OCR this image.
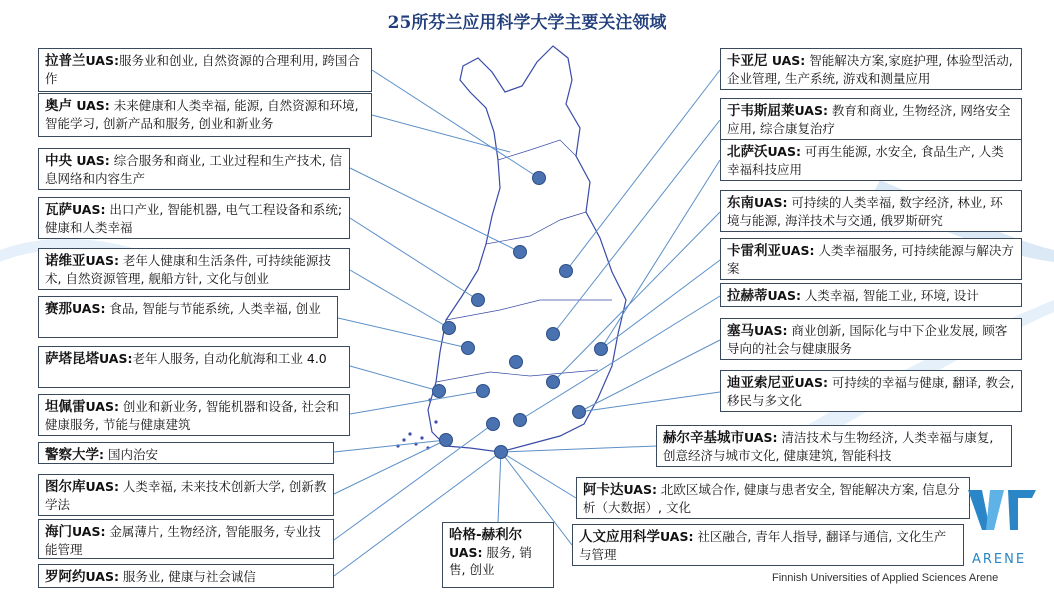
25所芬兰应用科学大学主要关注领域
拉普兰UAS:服务业和创业, 自然资源的合理利用, 跨国合作
奥卢 UAS: 未来健康和人类幸福, 能源, 自然资源和环境, 智能学习, 创新产品和服务, 创业和新业务
中央 UAS: 综合服务和商业, 工业过程和生产技术, 信息网络和内容生产
瓦萨UAS: 出口产业, 智能机器, 电气工程设备和系统; 健康和人类幸福
诺维亚UAS: 老年人健康和生活条件, 可持续能源技术, 自然资源管理, 舰船方针, 文化与创业
赛那UAS: 食品, 智能与节能系统, 人类幸福, 创业
萨塔昆塔UAS:老年人服务, 自动化航海和工业 4.0
坦佩雷UAS: 创业和新业务, 智能机器和设备, 社会和健康服务, 节能与健康建筑
警察大学: 国内治安
图尔库UAS: 人类幸福, 未来技术创新大学, 创新教学法
海门UAS: 金属薄片, 生物经济, 智能服务, 专业技能管理
罗阿约UAS: 服务业, 健康与社会诚信
哈格-赫利尔UAS: 服务, 销售, 创业
卡亚尼 UAS: 智能解决方案,家庭护理, 体验型活动, 企业管理, 生产系统, 游戏和测量应用
于韦斯屈莱UAS: 教育和商业, 生物经济, 网络安全应用, 综合康复治疗
北萨沃UAS: 可再生能源, 水安全, 食品生产, 人类幸福科技应用
东南UAS: 可持续的人类幸福, 数字经济, 林业, 环境与能源, 海洋技术与交通, 俄罗斯研究
卡雷利亚UAS: 人类幸福服务, 可持续能源与解决方案
拉赫蒂UAS: 人类幸福, 智能工业, 环境, 设计
塞马UAS: 商业创新, 国际化与中下企业发展, 顾客导向的社会与健康服务
迪亚索尼亚UAS: 可持续的幸福与健康, 翻译, 教会, 移民与多文化
赫尔辛基城市UAS: 清洁技术与生物经济, 人类幸福与康复, 创意经济与城市文化, 健康建筑, 智能科技
阿卡达UAS: 北欧区域合作, 健康与患者安全, 智能解决方案, 信息分析（大数据）, 文化
人文应用科学UAS: 社区融合, 青年人指导, 翻译与通信, 文化生产与管理	ARENE
Finnish Universities of Applied Sciences Arene
